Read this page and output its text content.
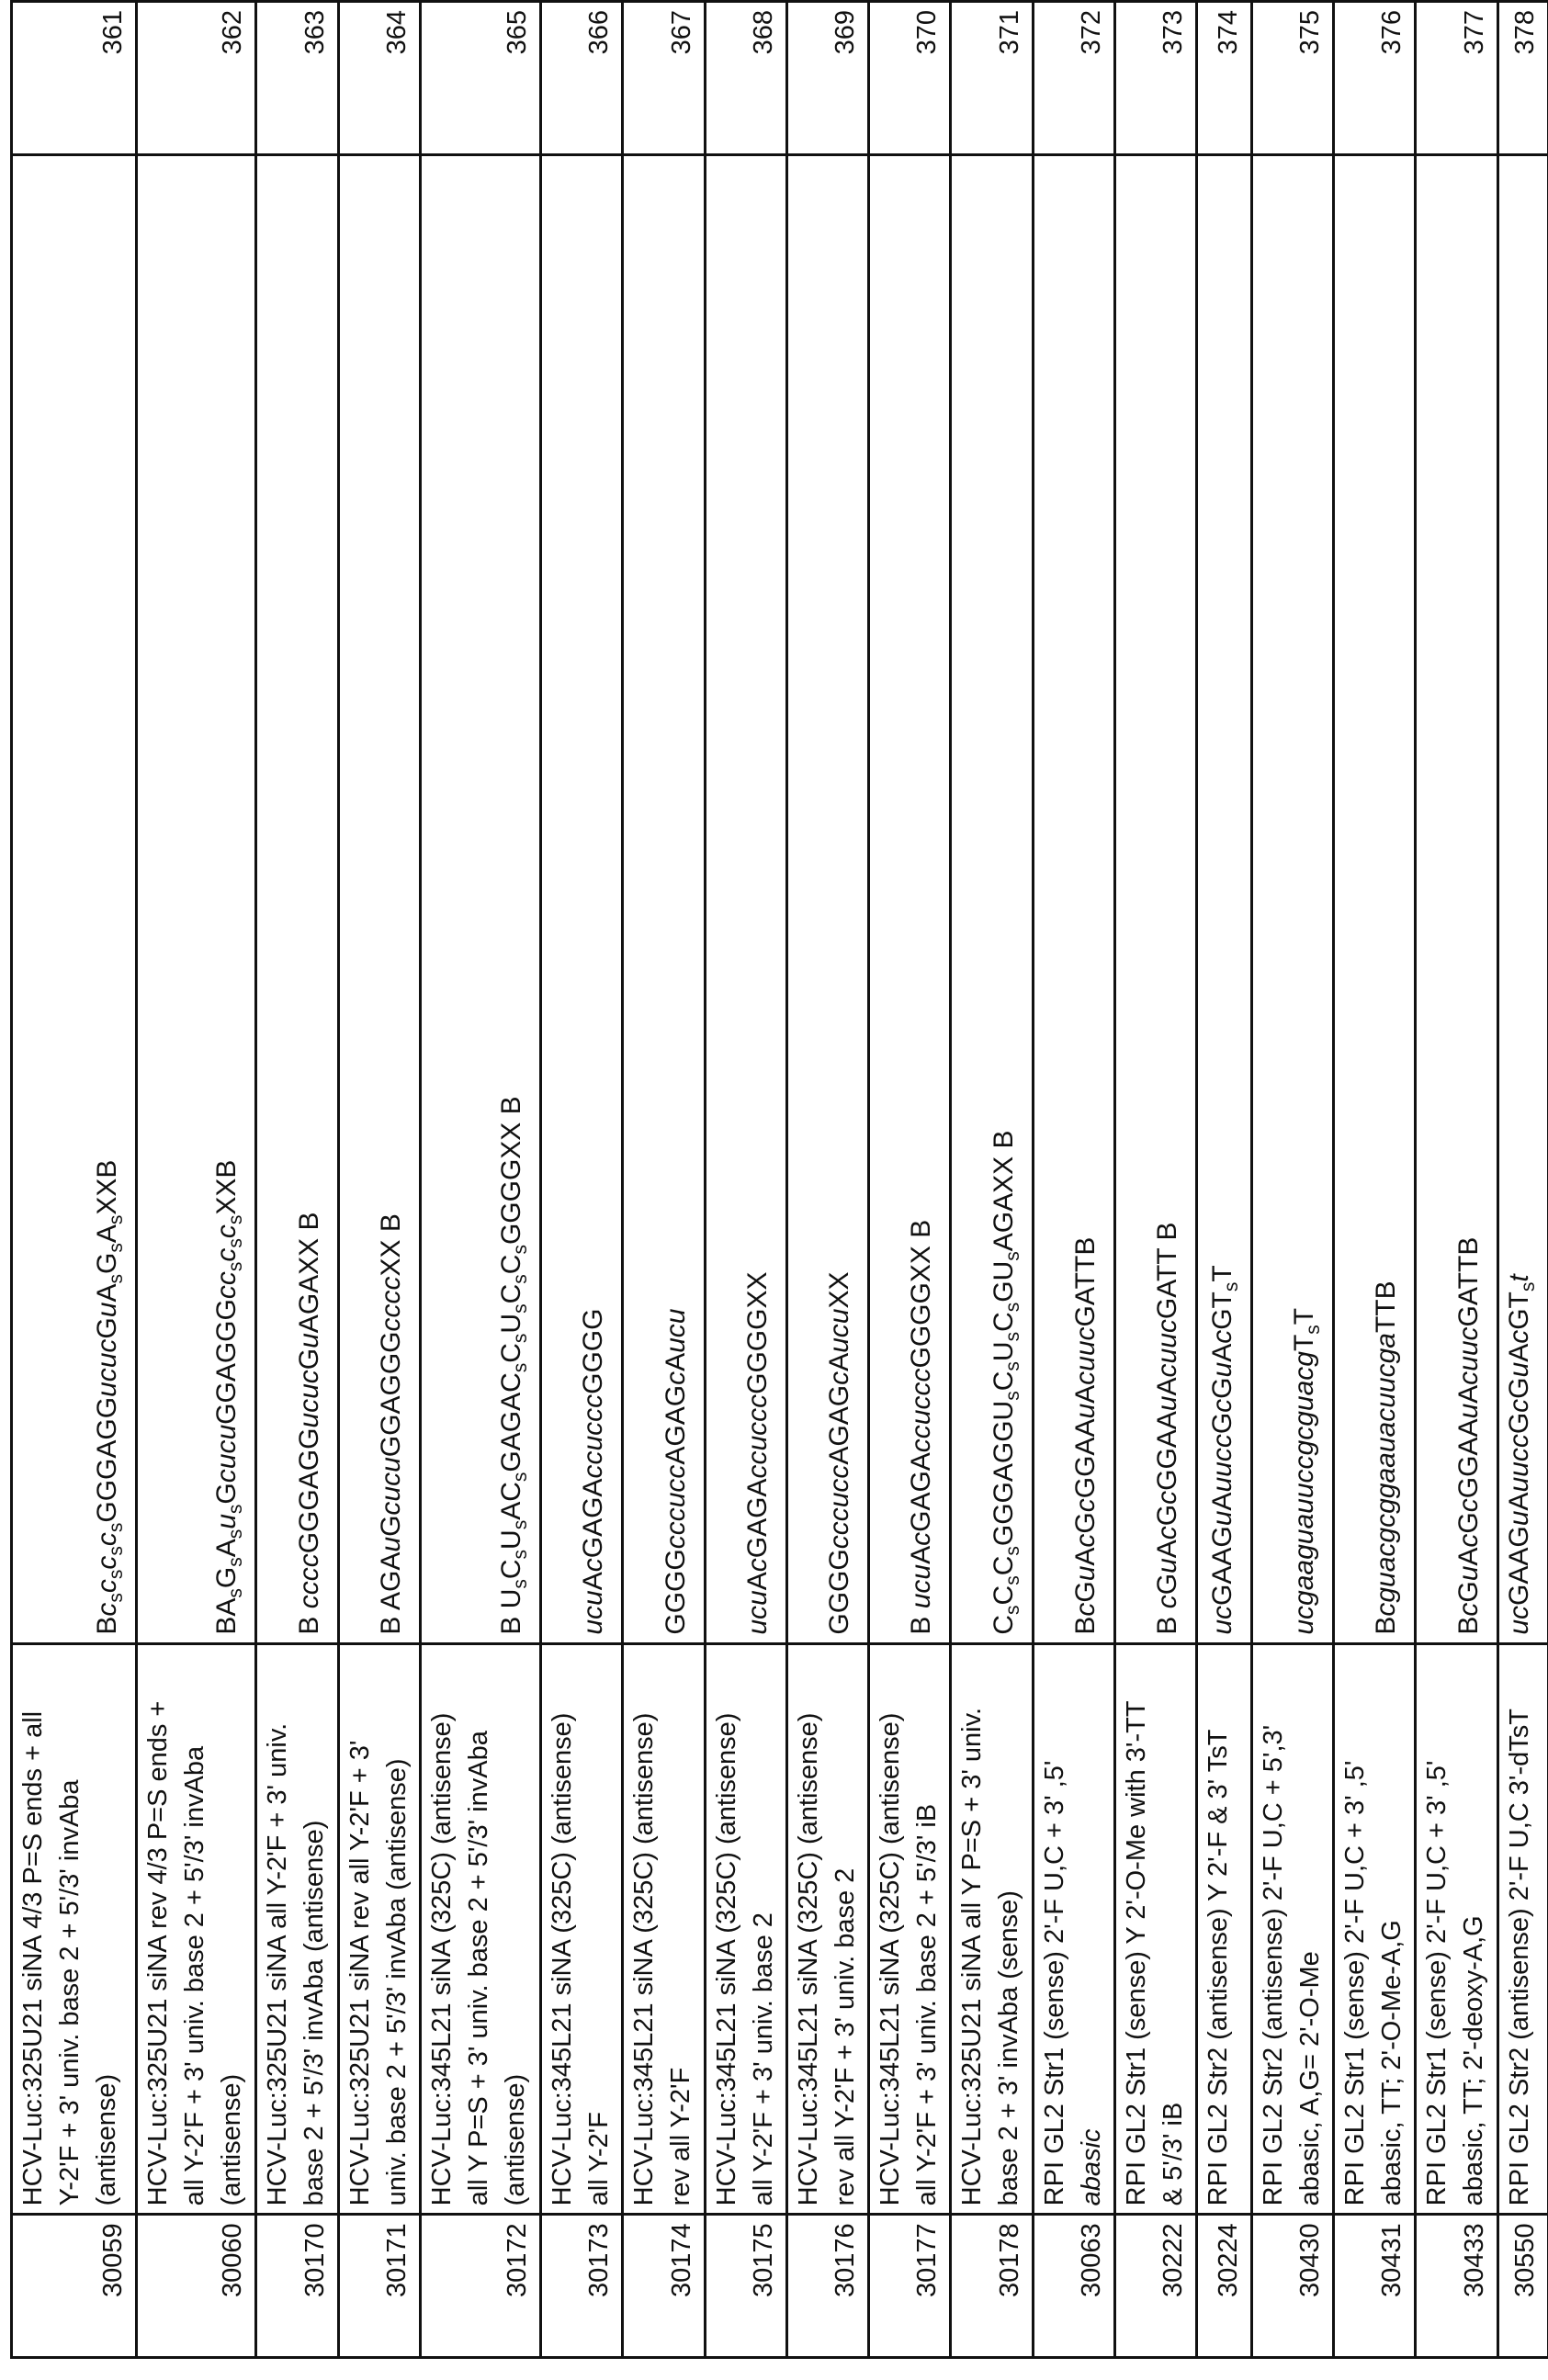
30059	
HCV-Luc:325U21 siNA 4/3 P=S ends + all Y-2'F + 3' univ. base 2 + 5'/3' invAba (antisense)
	BcscscscsGGGAGGucucGuAsGsAsXXB	361
30060	
HCV-Luc:325U21 siNA rev 4/3 P=S ends + all Y-2'F + 3' univ. base 2 + 5'/3' invAba (antisense)
	BAsGsAsusGcucuGGAGGGccscscsXXB	362
30170	
HCV-Luc:325U21 siNA all Y-2'F + 3' univ. base 2 + 5'/3' invAba (antisense)
	B ccccGGGAGGucucGuAGAXX B	363
30171	
HCV-Luc:325U21 siNA rev all Y-2'F + 3' univ. base 2 + 5'/3' invAba (antisense)
	B AGAuGcucuGGAGGGccccXX B	364
30172	
HCV-Luc:345L21 siNA (325C) (antisense) all Y P=S + 3' univ. base 2 + 5'/3' invAba (antisense)
	B UsCsUsACsGAGACsCsUsCsCsGGGGXX B	365
30173	
HCV-Luc:345L21 siNA (325C) (antisense) all Y-2'F
	ucuAcGAGAccucccGGGG	366
30174	
HCV-Luc:345L21 siNA (325C) (antisense) rev all Y-2'F
	GGGGcccuccAGAGcAucu	367
30175	
HCV-Luc:345L21 siNA (325C) (antisense) all Y-2'F + 3' univ. base 2
	ucuAcGAGAccucccGGGGXX	368
30176	
HCV-Luc:345L21 siNA (325C) (antisense) rev all Y-2'F + 3' univ. base 2
	GGGGcccuccAGAGcAucuXX	369
30177	
HCV-Luc:345L21 siNA (325C) (antisense) all Y-2'F + 3' univ. base 2 + 5'/3' iB
	B ucuAcGAGAccucccGGGGXX B	370
30178	
HCV-Luc:325U21 siNA all Y P=S + 3' univ. base 2 + 3' invAba (sense)
	CsCsCsGGGAGGUsCsUsCsGUsAGAXX B	371
30063	
RPI GL2 Str1 (sense) 2'-F U,C + 3' ,5' abasic
	BcGuAcGcGGAAuAcuucGATTB	372
30222	
RPI GL2 Str1 (sense) Y 2'-O-Me with 3'-TT & 5'/3' iB
	B cGuAcGcGGAAuAcuucGATT B	373
30224	
RPI GL2 Str2 (antisense) Y 2'-F & 3' TsT
	ucGAAGuAuuccGcGuAcGTsT	374
30430	
RPI GL2 Str2 (antisense) 2'-F U,C + 5',3' abasic, A,G= 2'-O-Me
	ucgaaguauuccgcguacgTsT	375
30431	
RPI GL2 Str1 (sense) 2'-F U,C + 3' ,5' abasic, TT; 2'-O-Me-A,G
	BcguacgcggaauacuucgaTTB	376
30433	
RPI GL2 Str1 (sense) 2'-F U,C + 3' ,5' abasic, TT; 2'-deoxy-A,G
	BcGuAcGcGGAAuAcuucGATTB	377
30550	
RPI GL2 Str2 (antisense) 2'-F U,C 3'-dTsT
	ucGAAGuAuuccGcGuAcGTst	378
